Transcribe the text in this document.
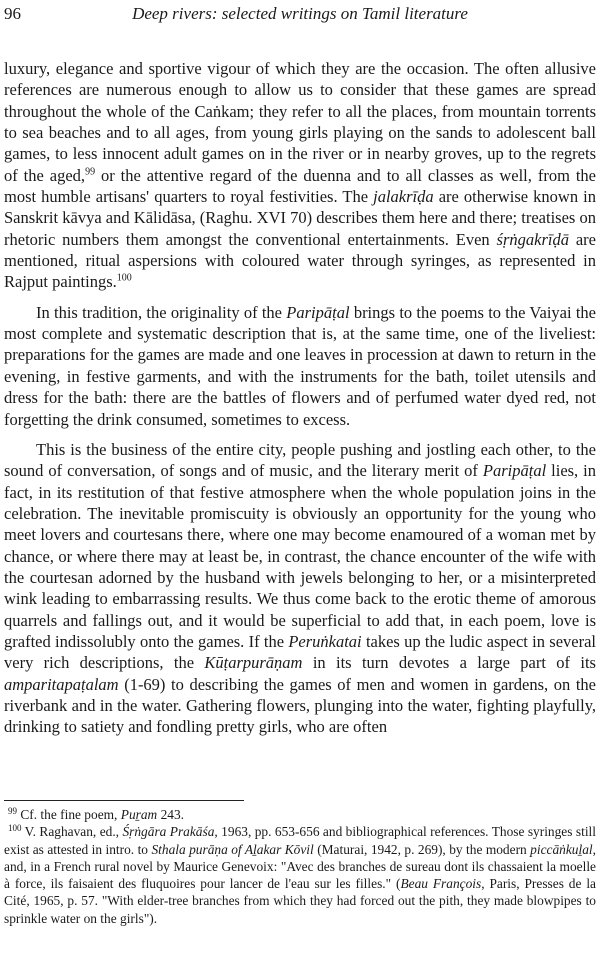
96	Deep rivers: selected writings on Tamil literature

luxury, elegance and sportive vigour of which they are the occasion. The often allusive references are numerous enough to allow us to consider that these games are spread throughout the whole of the Caṅkam; they refer to all the places, from mountain torrents to sea beaches and to all ages, from young girls playing on the sands to adolescent ball games, to less innocent adult games on in the river or in nearby groves, up to the regrets of the aged,$^{99}$ or the attentive regard of the duenna and to all classes as well, from the most humble artisans' quarters to royal festivities. The jalakrīḍa are otherwise known in Sanskrit kāvya and Kālidāsa, (Raghu. XVI 70) describes them here and there; treatises on rhetoric numbers them amongst the conventional entertainments. Even śṛṅgakrīḍā are mentioned, ritual aspersions with coloured water through syringes, as represented in Rajput paintings.$^{100}$

In this tradition, the originality of the Paripāṭal brings to the poems to the Vaiyai the most complete and systematic description that is, at the same time, one of the liveliest: preparations for the games are made and one leaves in procession at dawn to return in the evening, in festive garments, and with the instruments for the bath, toilet utensils and dress for the bath: there are the battles of flowers and of perfumed water dyed red, not forgetting the drink consumed, sometimes to excess.

This is the business of the entire city, people pushing and jostling each other, to the sound of conversation, of songs and of music, and the literary merit of Paripāṭal lies, in fact, in its restitution of that festive atmosphere when the whole population joins in the celebration. The inevitable promiscuity is obviously an opportunity for the young who meet lovers and courtesans there, where one may become enamoured of a woman met by chance, or where there may at least be, in contrast, the chance encounter of the wife with the courtesan adorned by the husband with jewels belonging to her, or a misinterpreted wink leading to embarrassing results. We thus come back to the erotic theme of amorous quarrels and fallings out, and it would be superficial to add that, in each poem, love is grafted indissolubly onto the games. If the Peruṅkatai takes up the ludic aspect in several very rich descriptions, the Kūṭarpurāṇam in its turn devotes a large part of its amparitapaṭalam (1-69) to describing the games of men and women in gardens, on the riverbank and in the water. Gathering flowers, plunging into the water, fighting playfully, drinking to satiety and fondling pretty girls, who are often

$^{99}$ Cf. the fine poem, Puṟam 243.

$^{100}$ V. Raghavan, ed., Śṛṅgāra Prakāśa, 1963, pp. 653-656 and bibliographical references. Those syringes still exist as attested in intro. to Sthala purāṇa of Aḻakar Kōvil (Maturai, 1942, p. 269), by the modern piccāṅkuḻal, and, in a French rural novel by Maurice Genevoix: "Avec des branches de sureau dont ils chassaient la moelle à force, ils faisaient des fluquoires pour lancer de l'eau sur les filles." (Beau François, Paris, Presses de la Cité, 1965, p. 57. "With elder-tree branches from which they had forced out the pith, they made blowpipes to sprinkle water on the girls").
